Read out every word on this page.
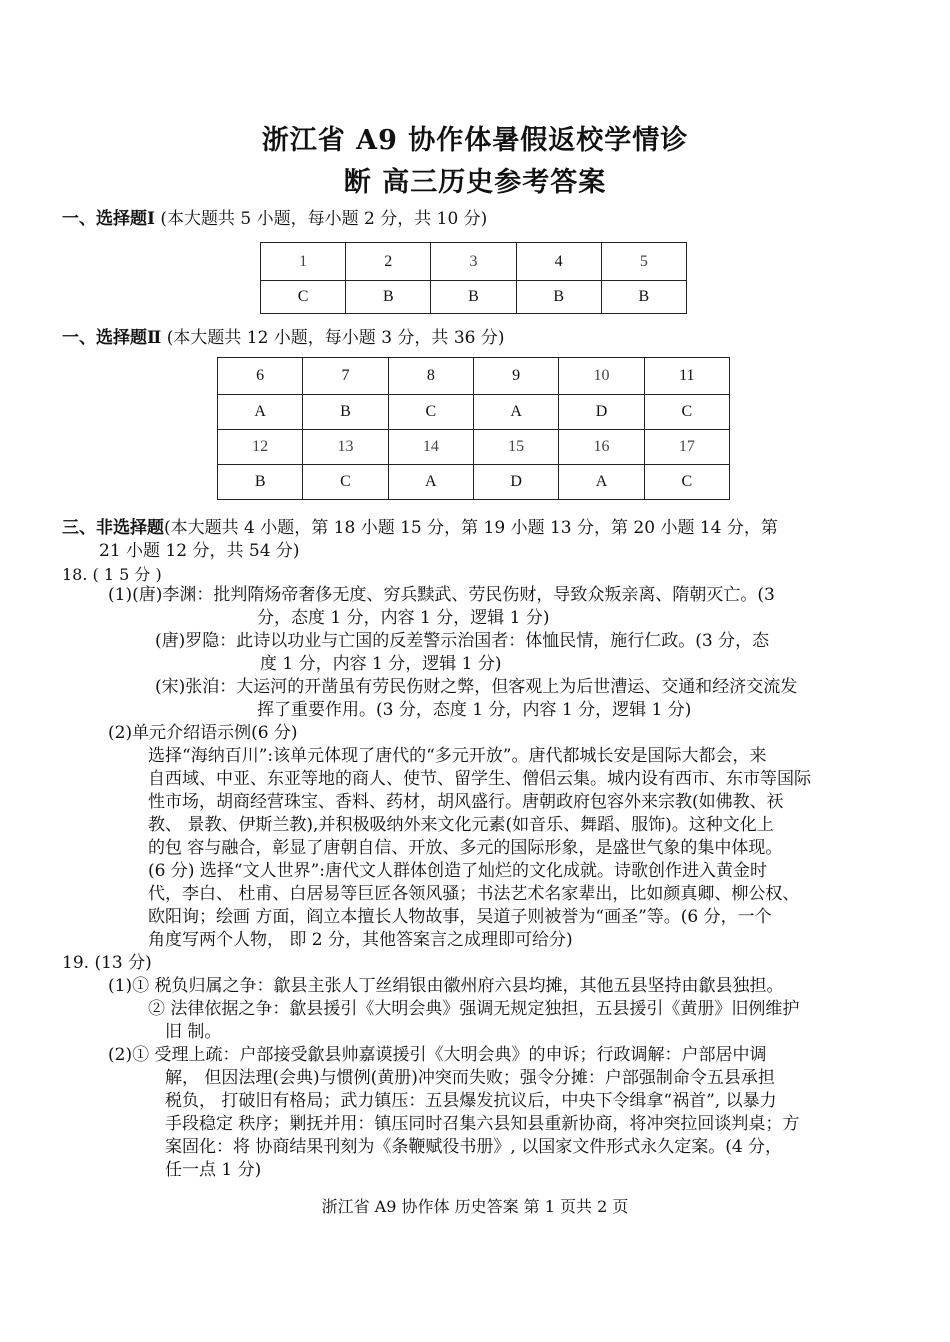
浙江省 A9 协作体暑假返校学情诊
断 高三历史参考答案
一、选择题Ⅰ (本大题共 5 小题，每小题 2 分，共 10 分)
1	2	3	4	5
C	B	B	B	B
一、选择题Ⅱ (本大题共 12 小题，每小题 3 分，共 36 分)
6	7	8	9	10	11
A	B	C	A	D	C
12	13	14	15	16	17
B	C	A	D	A	C
三、非选择题(本大题共 4 小题，第 18 小题 15 分，第 19 小题 13 分，第 20 小题 14 分，第
21 小题 12 分，共 54 分)
18. ( 1 5 分 )
(1)(唐)李渊：批判隋炀帝奢侈无度、穷兵黩武、劳民伤财，导致众叛亲离、隋朝灭亡。(3
分，态度 1 分，内容 1 分，逻辑 1 分)
(唐)罗隐：此诗以功业与亡国的反差警示治国者：体恤民情，施行仁政。(3 分，态
度 1 分，内容 1 分，逻辑 1 分)
(宋)张洎：大运河的开凿虽有劳民伤财之弊，但客观上为后世漕运、交通和经济交流发
挥了重要作用。(3 分，态度 1 分，内容 1 分，逻辑 1 分)
(2)单元介绍语示例(6 分)
选择“海纳百川”:该单元体现了唐代的“多元开放”。唐代都城长安是国际大都会，来
自西域、中亚、东亚等地的商人、使节、留学生、僧侣云集。城内设有西市、东市等国际
性市场，胡商经营珠宝、香料、药材，胡风盛行。唐朝政府包容外来宗教(如佛教、祆
教、 景教、伊斯兰教),并积极吸纳外来文化元素(如音乐、舞蹈、服饰)。这种文化上
的包 容与融合，彰显了唐朝自信、开放、多元的国际形象，是盛世气象的集中体现。
(6 分) 选择“文人世界”:唐代文人群体创造了灿烂的文化成就。诗歌创作进入黄金时
代，李白、 杜甫、白居易等巨匠各领风骚；书法艺术名家辈出，比如颜真卿、柳公权、
欧阳询；绘画 方面，阎立本擅长人物故事，吴道子则被誉为“画圣”等。(6 分，一个
角度写两个人物， 即 2 分，其他答案言之成理即可给分)
19. (13 分)
(1)① 税负归属之争：歙县主张人丁丝绢银由徽州府六县均摊，其他五县坚持由歙县独担。
② 法律依据之争：歙县援引《大明会典》强调无规定独担，五县援引《黄册》旧例维护
旧 制。
(2)① 受理上疏：户部接受歙县帅嘉谟援引《大明会典》的申诉；行政调解：户部居中调
解， 但因法理(会典)与惯例(黄册)冲突而失败；强令分摊：户部强制命令五县承担
税负， 打破旧有格局；武力镇压：五县爆发抗议后，中央下令缉拿“祸首”, 以暴力
手段稳定 秩序；剿抚并用：镇压同时召集六县知县重新协商，将冲突拉回谈判桌；方
案固化：将 协商结果刊刻为《条鞭赋役书册》, 以国家文件形式永久定案。(4 分，
任一点 1 分)
浙江省 A9 协作体 历史答案 第 1 页共 2 页
